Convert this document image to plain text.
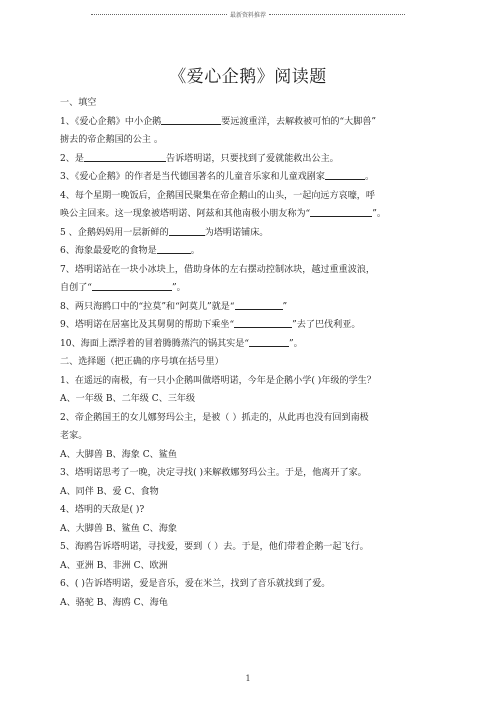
最新资料推荐
《爱心企鹅》阅读题

一、填空

1、《爱心企鹅》中小企鹅	要远渡重洋，去解救被可怕的“大脚兽”
掳去的帝企鹅国的公主 。

2、是	告诉塔明诺，只要找到了爱就能救出公主。

3、《爱心企鹅》的作者是当代德国著名的儿童音乐家和儿童戏剧家	。

4、每个星期一晚饭后，企鹅国民聚集在帝企鹅山的山头，一起向远方哀嚎，呼
唤公主回来。这一现象被塔明诺、阿兹和其他南极小朋友称为“	”。

5 、企鹅妈妈用一层新鲜的	为塔明诺铺床。

6、海象最爱吃的食物是	。

7、塔明诺站在一块小冰块上，借助身体的左右摆动控制冰块，越过重重波浪，
自创了“	”。

8、两只海鸥口中的“拉莫”和“阿莫儿”就是“	”

9、塔明诺在居塞比及其舅舅的帮助下乘坐“	”去了巴伐利亚。

10、海面上漂浮着的冒着腾腾蒸汽的锅其实是“	”。

二、选择题（把正确的序号填在括号里）

1、在遥远的南极，有一只小企鹅叫做塔明诺，今年是企鹅小学( )年级的学生？

A、一年级 B、二年级 C、三年级

2、帝企鹅国王的女儿娜努玛公主，是被（ ）抓走的，从此再也没有回到南极

老家。

A、大脚兽 B、海象 C、鲨鱼

3、塔明诺思考了一晚，决定寻找( )来解救娜努玛公主。于是，他离开了家。

A、同伴 B、爱 C、食物

4、塔明的天敌是( )?

A、大脚兽 B、鲨鱼 C、海象

5、海鸥告诉塔明诺，寻找爱，要到（ ）去。于是，他们带着企鹅一起飞行。

A、亚洲 B、非洲 C、欧洲

6、( )告诉塔明诺，爱是音乐，爱在米兰，找到了音乐就找到了爱。

A、骆驼 B、海鸥 C、海龟

1
